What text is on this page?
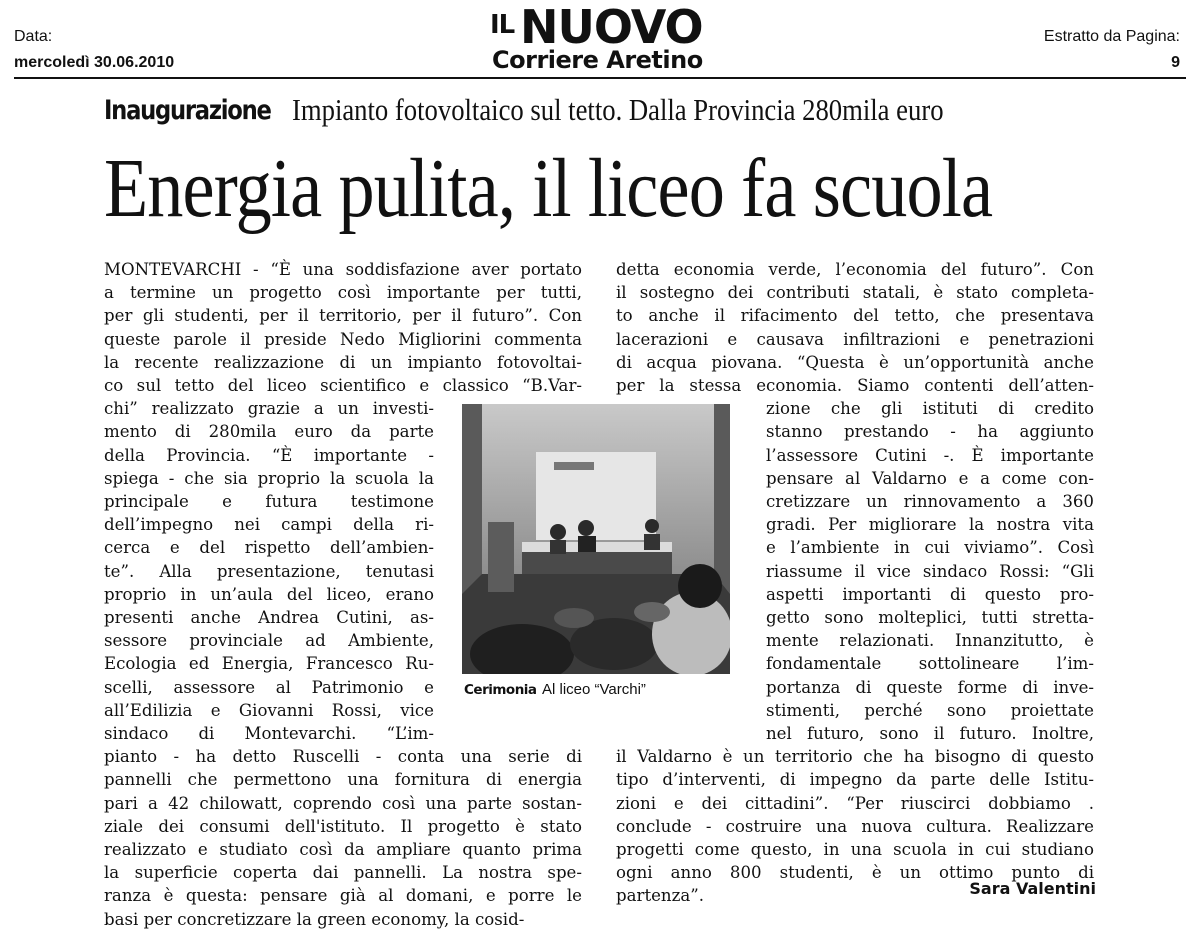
Data:
mercoledì 30.06.2010
IL NUOVO
Corriere Aretino
Estratto da Pagina:
9
Inaugurazione Impianto fotovoltaico sul tetto. Dalla Provincia 280mila euro
Energia pulita, il liceo fa scuola
MONTEVARCHI - “È una soddisfazione aver portato
a termine un progetto così importante per tutti,
per gli studenti, per il territorio, per il futuro”. Con
queste parole il preside Nedo Migliorini commenta
la recente realizzazione di un impianto fotovoltai-
co sul tetto del liceo scientifico e classico “B.Var-
chi” realizzato grazie a un investi-
mento di 280mila euro da parte
della Provincia. “È importante -
spiega - che sia proprio la scuola la
principale e futura testimone
dell’impegno nei campi della ri-
cerca e del rispetto dell’ambien-
te”. Alla presentazione, tenutasi
proprio in un’aula del liceo, erano
presenti anche Andrea Cutini, as-
sessore provinciale ad Ambiente,
Ecologia ed Energia, Francesco Ru-
scelli, assessore al Patrimonio e
all’Edilizia e Giovanni Rossi, vice
sindaco di Montevarchi. “L’im-
pianto - ha detto Ruscelli - conta una serie di
pannelli che permettono una fornitura di energia
pari a 42 chilowatt, coprendo così una parte sostan-
ziale dei consumi dell'istituto. Il progetto è stato
realizzato e studiato così da ampliare quanto prima
la superficie coperta dai pannelli. La nostra spe-
ranza è questa: pensare già al domani, e porre le
basi per concretizzare la green economy, la cosid-
detta economia verde, l’economia del futuro”. Con
il sostegno dei contributi statali, è stato completa-
to anche il rifacimento del tetto, che presentava
lacerazioni e causava infiltrazioni e penetrazioni
di acqua piovana. “Questa è un’opportunità anche
per la stessa economia. Siamo contenti dell’atten-
zione che gli istituti di credito
stanno prestando - ha aggiunto
l’assessore Cutini -. È importante
pensare al Valdarno e a come con-
cretizzare un rinnovamento a 360
gradi. Per migliorare la nostra vita
e l’ambiente in cui viviamo”. Così
riassume il vice sindaco Rossi: “Gli
aspetti importanti di questo pro-
getto sono molteplici, tutti stretta-
mente relazionati. Innanzitutto, è
fondamentale sottolineare l’im-
portanza di queste forme di inve-
stimenti, perché sono proiettate
nel futuro, sono il futuro. Inoltre,
il Valdarno è un territorio che ha bisogno di questo
tipo d’interventi, di impegno da parte delle Istitu-
zioni e dei cittadini”. “Per riuscirci dobbiamo .
conclude - costruire una nuova cultura. Realizzare
progetti come questo, in una scuola in cui studiano
ogni anno 800 studenti, è un ottimo punto di
partenza”.
Cerimonia Al liceo “Varchi”
Sara Valentini
